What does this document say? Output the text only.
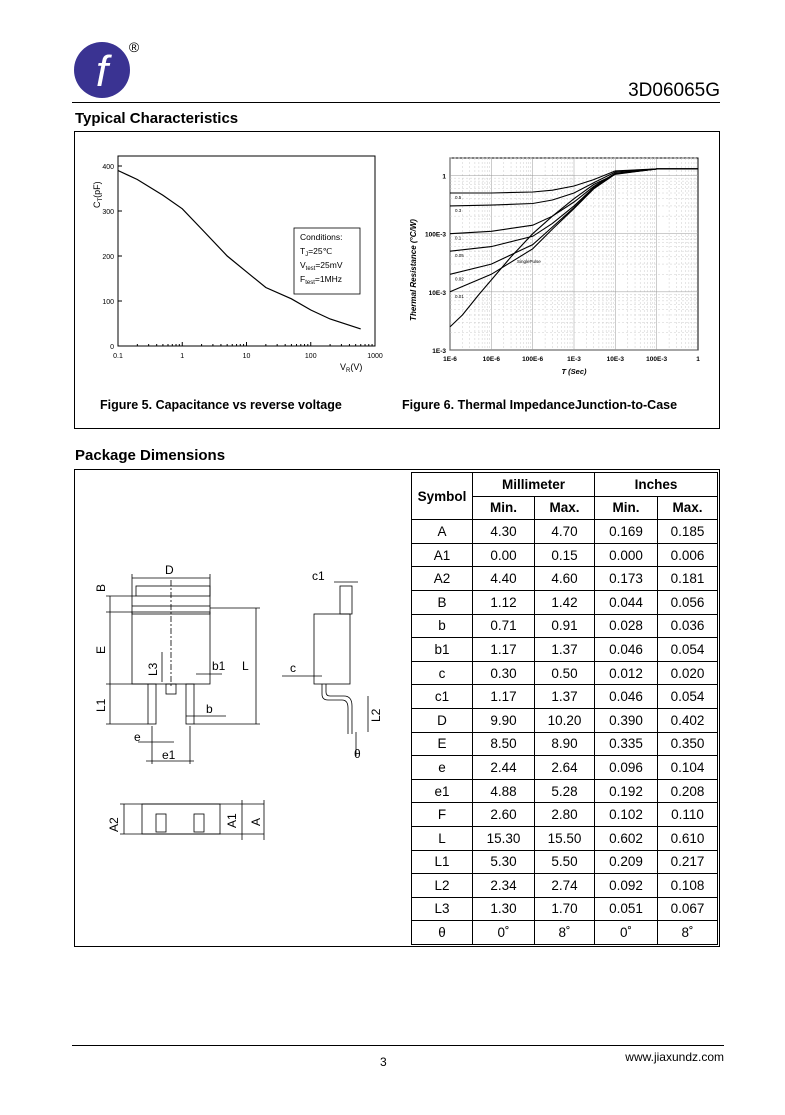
f	®
3D06065G
Typical Characteristics
0
100
200
300
400
0.1	1	10	100	1000
Conditions:
$T_J=25℃$
$V_{test}=25mV$
$F_{test}=1MHz$
$C_T(pF)$
$V_R(V)$
Figure 5. Capacitance vs reverse voltage
1
100E-3
10E-3
1E-3
1E-6	10E-6	100E-6	1E-3	10E-3	100E-3	1
0.5
0.3
0.1
0.05
0.02
0.01
SinglePulse
Thermal Resistance (°C/W)
T (Sec)
Figure 6. Thermal ImpedanceJunction-to-Case
Package Dimensions
D
B
E
L3	b1 L
L1	b
e
e1
c1
c
L2
θ
A2	A1 A
Symbol	Millimeter		Inches	
	Min.	Max.	Min.	Max.
A	4.30	4.70	0.169	0.185
A1	0.00	0.15	0.000	0.006
A2	4.40	4.60	0.173	0.181
B	1.12	1.42	0.044	0.056
b	0.71	0.91	0.028	0.036
b1	1.17	1.37	0.046	0.054
c	0.30	0.50	0.012	0.020
c1	1.17	1.37	0.046	0.054
D	9.90	10.20	0.390	0.402
E	8.50	8.90	0.335	0.350
e	2.44	2.64	0.096	0.104
e1	4.88	5.28	0.192	0.208
F	2.60	2.80	0.102	0.110
L	15.30	15.50	0.602	0.610
L1	5.30	5.50	0.209	0.217
L2	2.34	2.74	0.092	0.108
L3	1.30	1.70	0.051	0.067
θ	0˚	8˚	0˚	8˚
3	www.jiaxundz.com
